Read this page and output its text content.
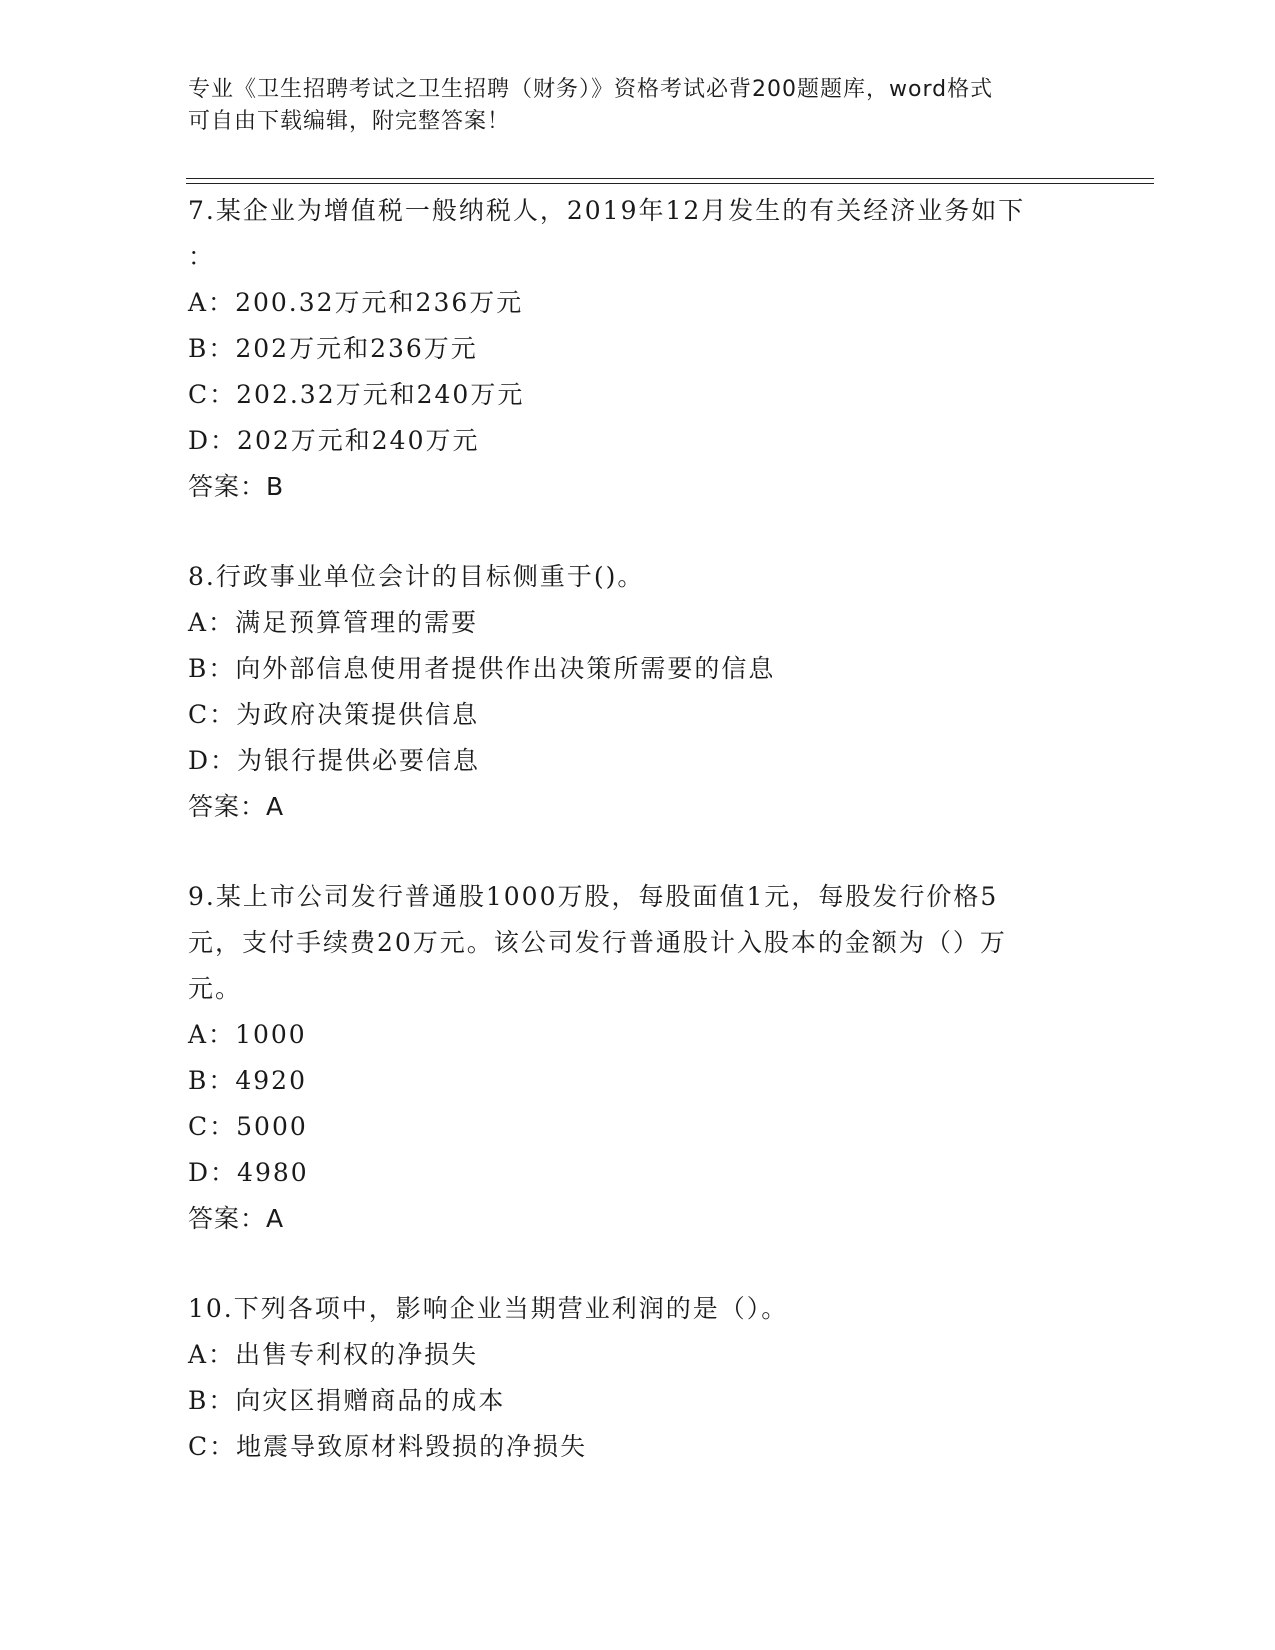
专业《卫生招聘考试之卫生招聘（财务）》资格考试必背200题题库，word格式
可自由下载编辑，附完整答案！
7.某企业为增值税一般纳税人，2019年12月发生的有关经济业务如下
：
A：200.32万元和236万元
B：202万元和236万元
C：202.32万元和240万元
D：202万元和240万元
答案：B
8.行政事业单位会计的目标侧重于()。
A：满足预算管理的需要
B：向外部信息使用者提供作出决策所需要的信息
C：为政府决策提供信息
D：为银行提供必要信息
答案：A
9.某上市公司发行普通股1000万股，每股面值1元，每股发行价格5
元，支付手续费20万元。该公司发行普通股计入股本的金额为（）万
元。
A：1000
B：4920
C：5000
D：4980
答案：A
10.下列各项中，影响企业当期营业利润的是（）。
A：出售专利权的净损失
B：向灾区捐赠商品的成本
C：地震导致原材料毁损的净损失
